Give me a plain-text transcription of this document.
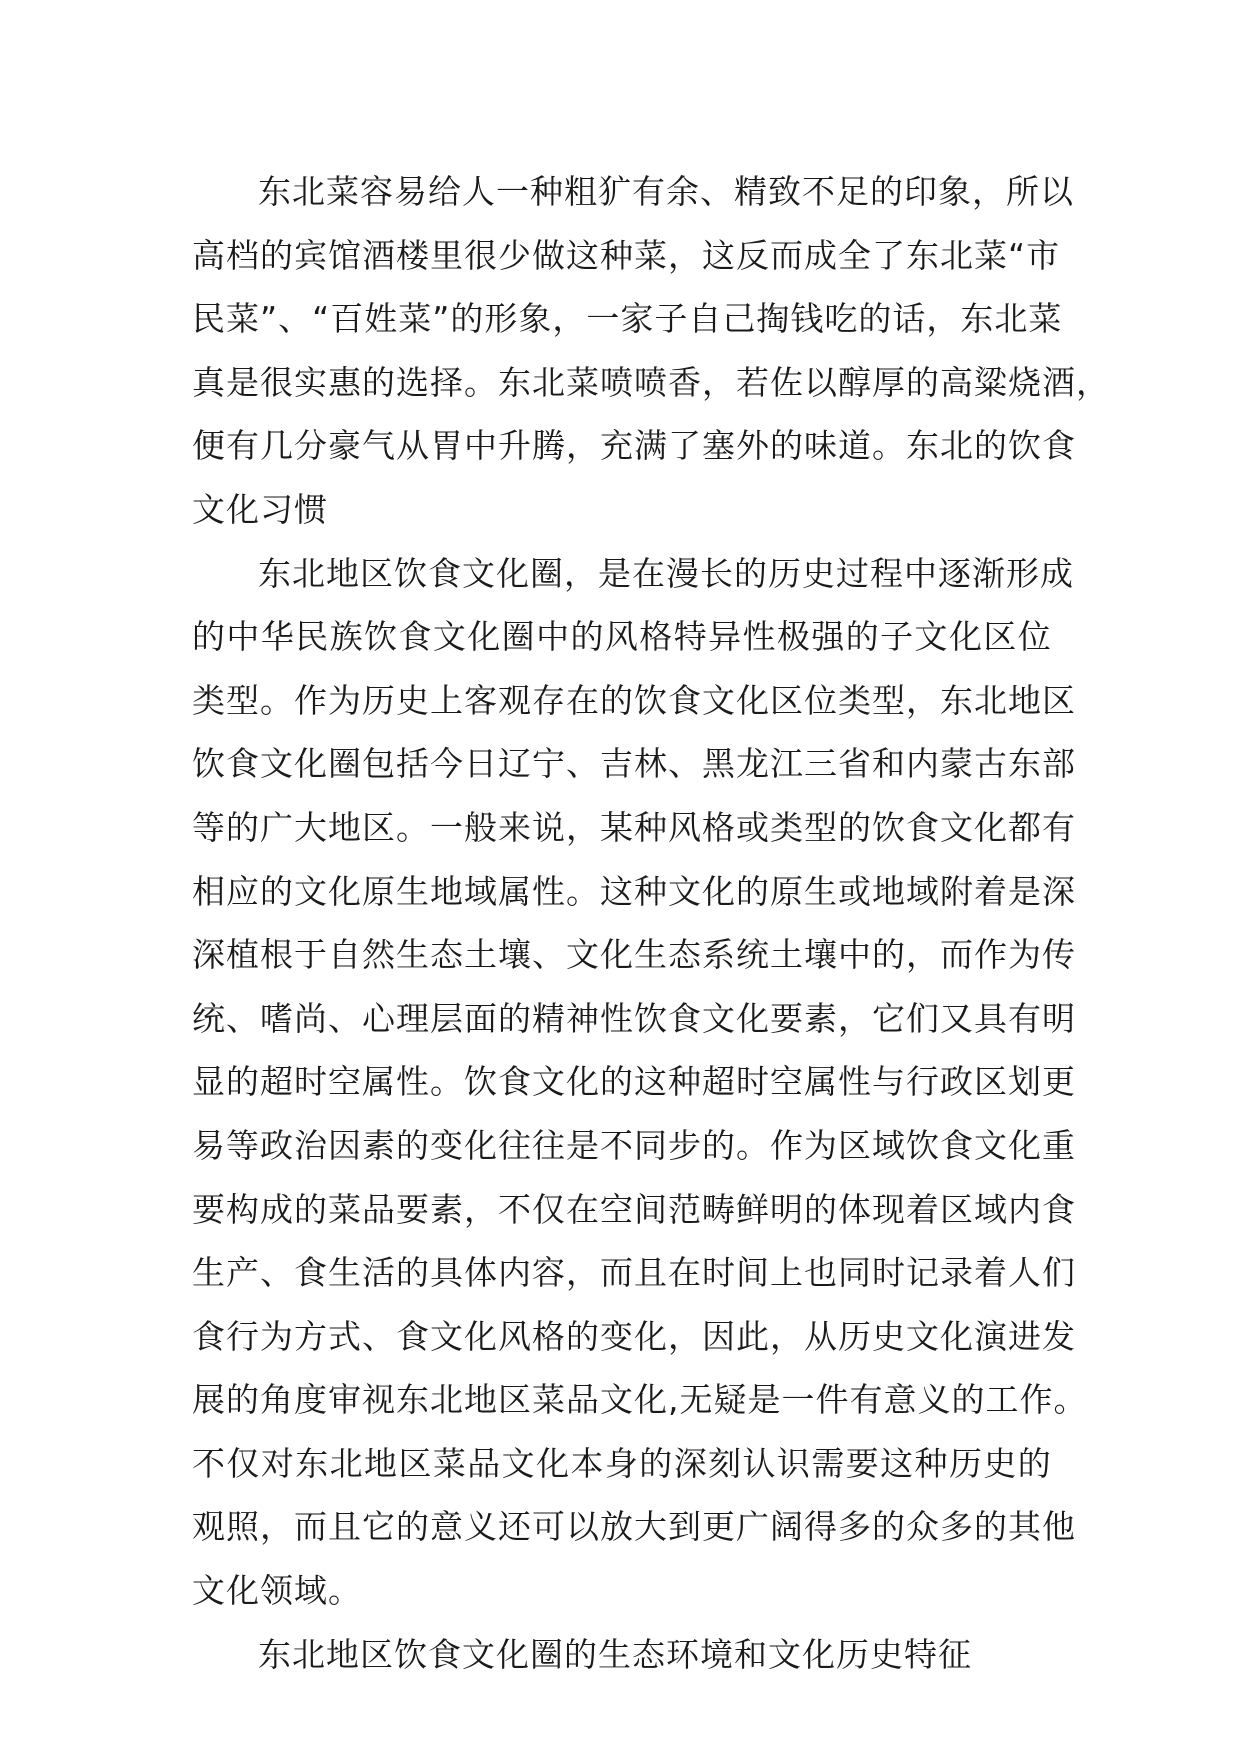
东 北 菜 容 易 给 人 一 种 粗 犷 有 余 、 精 致 不 足 的 印 象 ， 所 以
高 档 的 宾 馆 酒 楼 里 很 少 做 这 种 菜 ， 这 反 而 成 全 了 东 北 菜 “ 市
民 菜 ” 、 “ 百 姓 菜 ” 的 形 象 ， 一 家 子 自 己 掏 钱 吃 的 话 ， 东 北 菜
真 是 很 实 惠 的 选 择 。 东 北 菜 喷 喷 香 ， 若 佐 以 醇 厚 的 高 粱 烧 酒 ，
便 有 几 分 豪 气 从 胃 中 升 腾 ， 充 满 了 塞 外 的 味 道 。 东 北 的 饮 食
文化习惯
东 北 地 区 饮 食 文 化 圈 ， 是 在 漫 长 的 历 史 过 程 中 逐 渐 形 成
的 中 华 民 族 饮 食 文 化 圈 中 的 风 格 特 异 性 极 强 的 子 文 化 区 位
类 型 。 作 为 历 史 上 客 观 存 在 的 饮 食 文 化 区 位 类 型 ， 东 北 地 区
饮 食 文 化 圈 包 括 今 日 辽 宁 、 吉 林 、 黑 龙 江 三 省 和 内 蒙 古 东 部
等 的 广 大 地 区 。 一 般 来 说 ， 某 种 风 格 或 类 型 的 饮 食 文 化 都 有
相 应 的 文 化 原 生 地 域 属 性 。 这 种 文 化 的 原 生 或 地 域 附 着 是 深
深 植 根 于 自 然 生 态 土 壤 、 文 化 生 态 系 统 土 壤 中 的 ， 而 作 为 传
统 、 嗜 尚 、 心 理 层 面 的 精 神 性 饮 食 文 化 要 素 ， 它 们 又 具 有 明
显 的 超 时 空 属 性 。 饮 食 文 化 的 这 种 超 时 空 属 性 与 行 政 区 划 更
易 等 政 治 因 素 的 变 化 往 往 是 不 同 步 的 。 作 为 区 域 饮 食 文 化 重
要 构 成 的 菜 品 要 素 ， 不 仅 在 空 间 范 畴 鲜 明 的 体 现 着 区 域 内 食
生 产 、 食 生 活 的 具 体 内 容 ， 而 且 在 时 间 上 也 同 时 记 录 着 人 们
食 行 为 方 式 、 食 文 化 风 格 的 变 化 ， 因 此 ， 从 历 史 文 化 演 进 发
展 的 角 度 审 视 东 北 地 区 菜 品 文 化 , 无 疑 是 一 件 有 意 义 的 工 作 。
不 仅 对 东 北 地 区 菜 品 文 化 本 身 的 深 刻 认 识 需 要 这 种 历 史 的
观 照 ， 而 且 它 的 意 义 还 可 以 放 大 到 更 广 阔 得 多 的 众 多 的 其 他
文化领域。
东北地区饮食文化圈的生态环境和文化历史特征
